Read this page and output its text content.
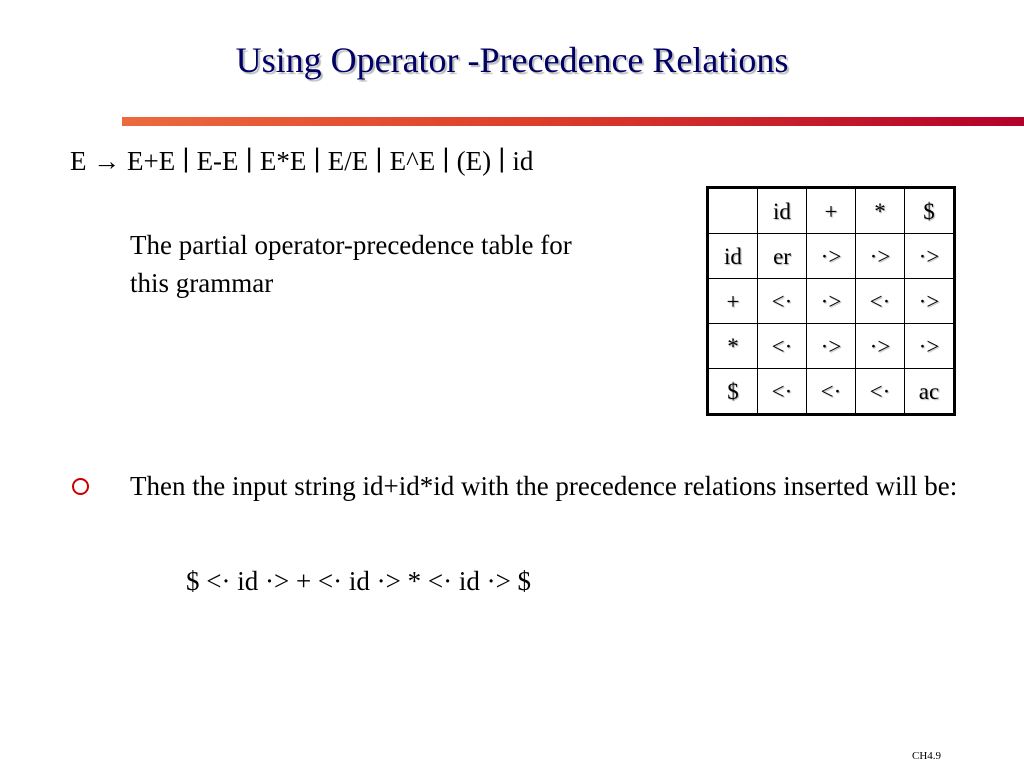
Using Operator -Precedence Relations
E → E+E ∣ E-E ∣ E*E ∣ E/E ∣ E^E ∣ (E) ∣ id
The partial operator-precedence table for this grammar
	id	+	*	$
id	er	·>	·>	·>
+	<·	·>	<·	·>
*	<·	·>	·>	·>
$	<·	<·	<·	ac
Then the input string id+id*id with the precedence relations inserted will be:
$ <· id ·> + <· id ·> * <· id ·> $
CH4.9
